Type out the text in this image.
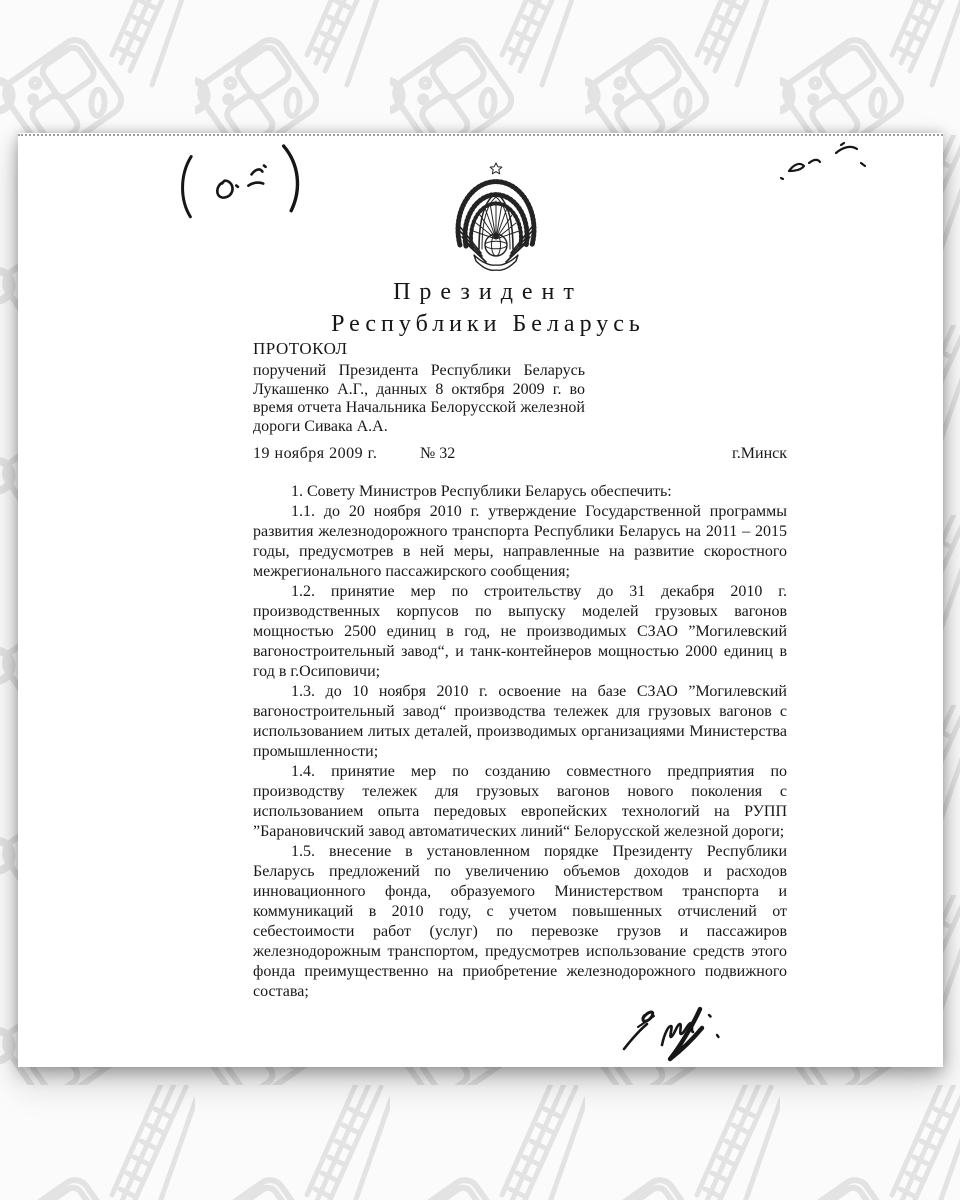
Президент
Республики Беларусь
ПРОТОКОЛ
поручений Президента Республики Беларусь Лукашенко А.Г., данных 8 октября 2009 г. во время отчета Начальника Белорусской железной дороги Сивака А.А.
19 ноября 2009 г.	№ 32	г.Минск

1. Совету Министров Республики Беларусь обеспечить:

1.1. до 20 ноября 2010 г. утверждение Государственной программы развития железнодорожного транспорта Республики Беларусь на 2011 – 2015 годы, предусмотрев в ней меры, направленные на развитие скоростного межрегионального пассажирского сообщения;

1.2. принятие мер по строительству до 31 декабря 2010 г. производственных корпусов по выпуску моделей грузовых вагонов мощностью 2500 единиц в год, не производимых СЗАО ”Могилевский вагоностроительный завод“, и танк-контейнеров мощностью 2000 единиц в год в г.Осиповичи;

1.3. до 10 ноября 2010 г. освоение на базе СЗАО ”Могилевский вагоностроительный завод“ производства тележек для грузовых вагонов с использованием литых деталей, производимых организациями Министерства промышленности;

1.4. принятие мер по созданию совместного предприятия по производству тележек для грузовых вагонов нового поколения с использованием опыта передовых европейских технологий на РУПП ”Барановичский завод автоматических линий“ Белорусской железной дороги;

1.5. внесение в установленном порядке Президенту Республики Беларусь предложений по увеличению объемов доходов и расходов инновационного фонда, образуемого Министерством транспорта и коммуникаций в 2010 году, с учетом повышенных отчислений от себестоимости работ (услуг) по перевозке грузов и пассажиров железнодорожным транспортом, предусмотрев использование средств этого фонда преимущественно на приобретение железнодорожного подвижного состава;
